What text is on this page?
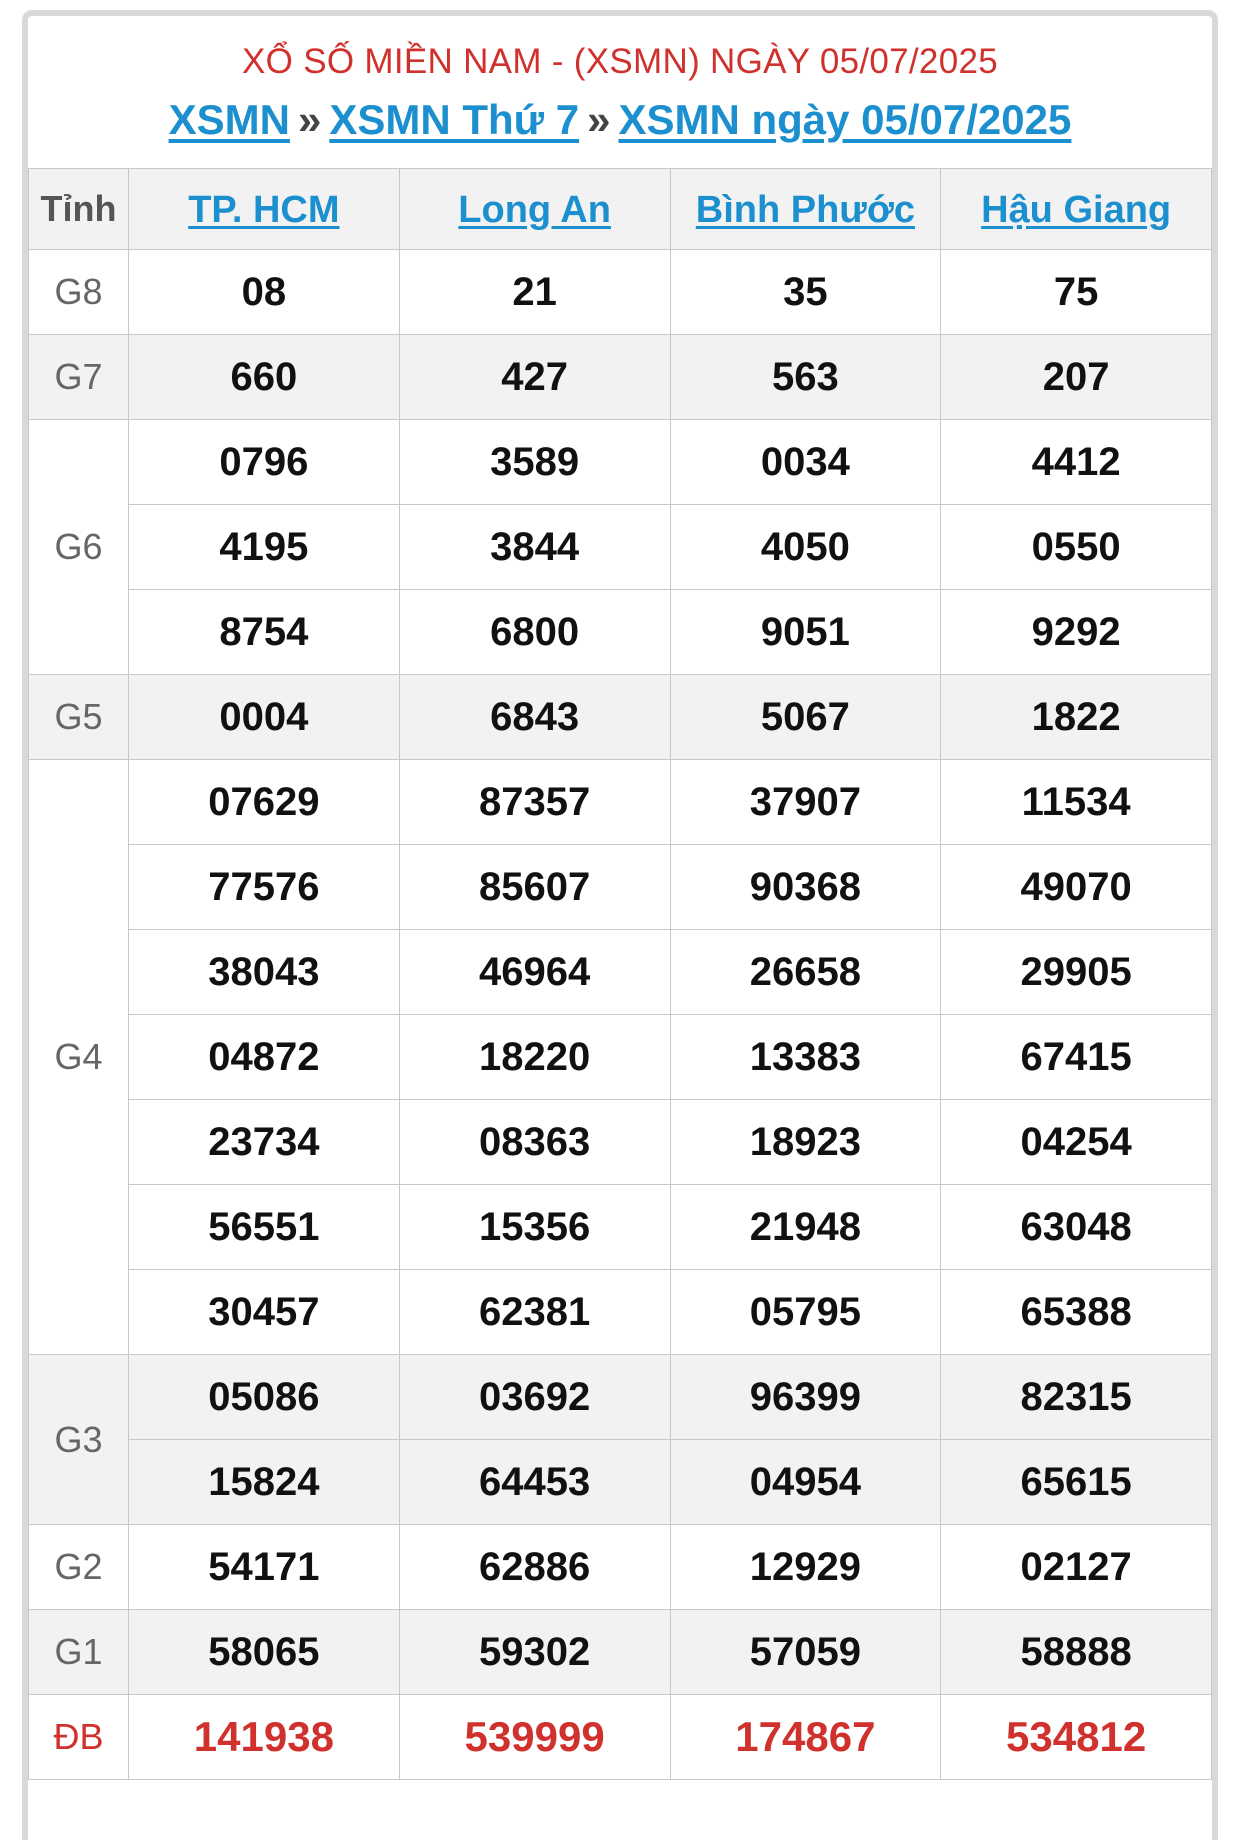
XỔ SỐ MIỀN NAM - (XSMN) NGÀY 05/07/2025
XSMN » XSMN Thứ 7 » XSMN ngày 05/07/2025
Tỉnh	TP. HCM	Long An	Bình Phước	Hậu Giang
G8	08	21	35	75
G7	660	427	563	207
G6	0796	3589	0034	4412
	4195	3844	4050	0550
	8754	6800	9051	9292
G5	0004	6843	5067	1822
G4	07629	87357	37907	11534
	77576	85607	90368	49070
	38043	46964	26658	29905
	04872	18220	13383	67415
	23734	08363	18923	04254
	56551	15356	21948	63048
	30457	62381	05795	65388
G3	05086	03692	96399	82315
	15824	64453	04954	65615
G2	54171	62886	12929	02127
G1	58065	59302	57059	58888
ĐB	141938	539999	174867	534812
